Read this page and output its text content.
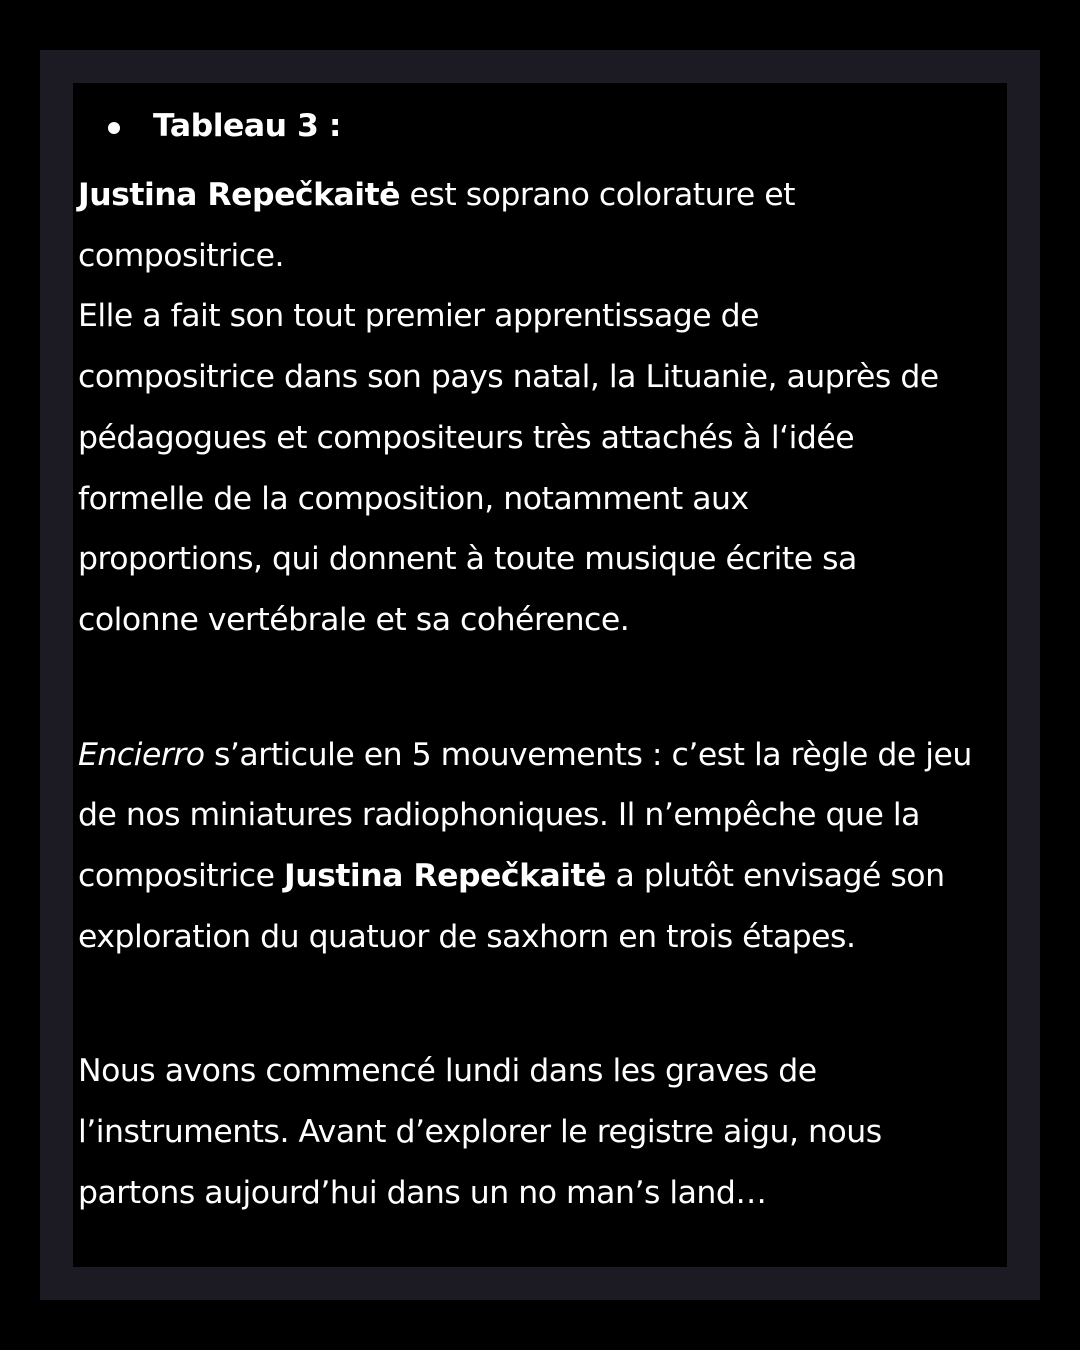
Tableau 3 :

Justina Repečkaitė est soprano colorature et

compositrice.

Elle a fait son tout premier apprentissage de

compositrice dans son pays natal, la Lituanie, auprès de

pédagogues et compositeurs très attachés à l‘idée

formelle de la composition, notamment aux

proportions, qui donnent à toute musique écrite sa

colonne vertébrale et sa cohérence.

Encierro s’articule en 5 mouvements : c’est la règle de jeu

de nos miniatures radiophoniques. Il n’empêche que la

compositrice Justina Repečkaitė a plutôt envisagé son

exploration du quatuor de saxhorn en trois étapes.

Nous avons commencé lundi dans les graves de

l’instruments. Avant d’explorer le registre aigu, nous

partons aujourd’hui dans un no man’s land…
